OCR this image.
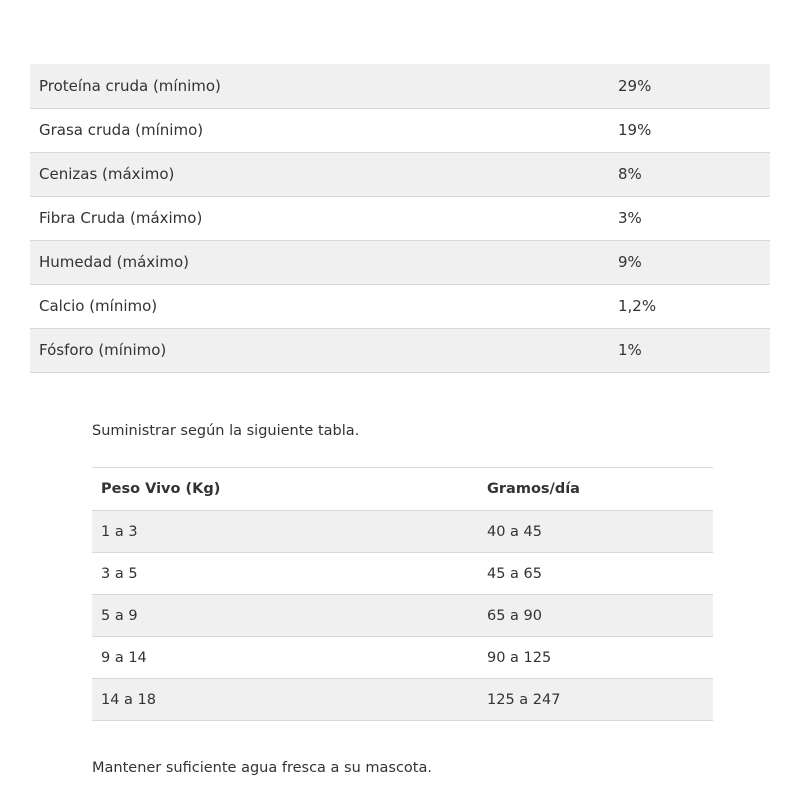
Proteína cruda (mínimo)	29%
Grasa cruda (mínimo)	19%
Cenizas (máximo)	8%
Fibra Cruda (máximo)	3%
Humedad (máximo)	9%
Calcio (mínimo)	1,2%
Fósforo (mínimo)	1%
Suministrar según la siguiente tabla.
Peso Vivo (Kg)	Gramos/día
1 a 3	40 a 45
3 a 5	45 a 65
5 a 9	65 a 90
9 a 14	90 a 125
14 a 18	125 a 247
Mantener suficiente agua fresca a su mascota.
